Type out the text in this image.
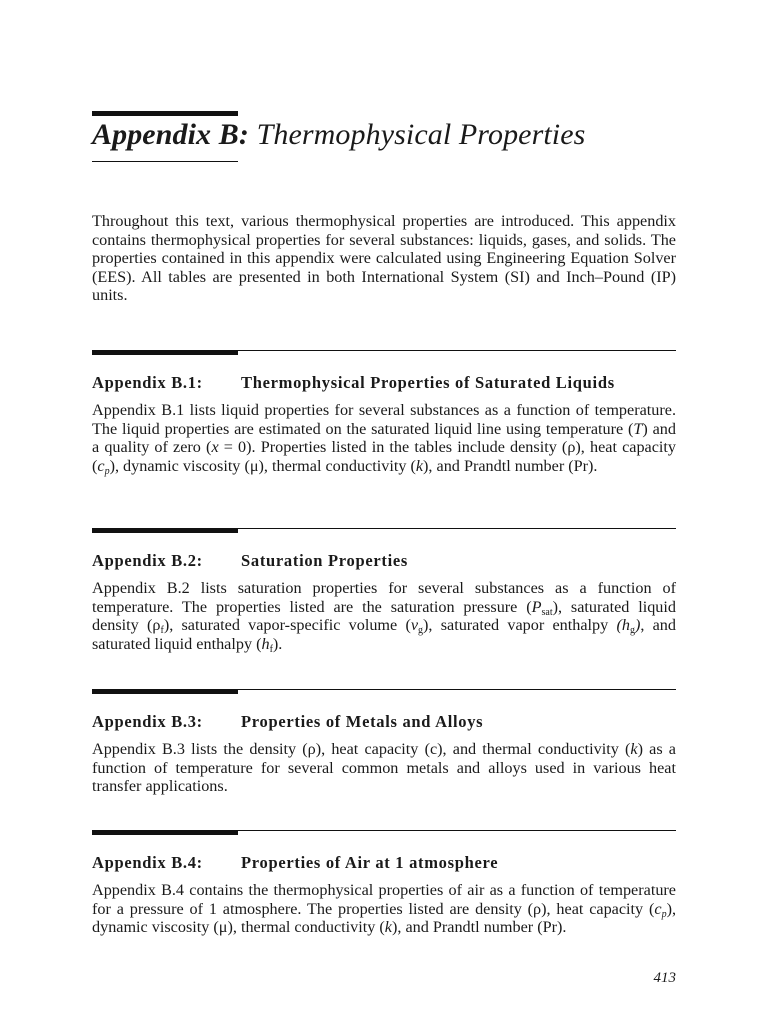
Appendix B: Thermophysical Properties

Throughout this text, various thermophysical properties are introduced. This appendix contains thermophysical properties for several substances: liquids, gases, and solids. The properties contained in this appendix were calculated using Engineering Equation Solver (EES). All tables are presented in both International System (SI) and Inch–Pound (IP) units.

Appendix B.1: Thermophysical Properties of Saturated Liquids

Appendix B.1 lists liquid properties for several substances as a function of temperature. The liquid properties are estimated on the saturated liquid line using temperature (T) and a quality of zero (x = 0). Properties listed in the tables include density (ρ), heat capacity $(c_p)$, dynamic viscosity (μ), thermal conductivity (k), and Prandtl number (Pr).

Appendix B.2: Saturation Properties

Appendix B.2 lists saturation properties for several substances as a function of temperature. The properties listed are the saturation pressure $(P_{sat})$, saturated liquid density $(\rho_f)$, saturated vapor-specific volume $(v_g)$, saturated vapor enthalpy $(h_g)$, and saturated liquid enthalpy $(h_f)$.

Appendix B.3: Properties of Metals and Alloys

Appendix B.3 lists the density (ρ), heat capacity (c), and thermal conductivity (k) as a function of temperature for several common metals and alloys used in various heat transfer applications.

Appendix B.4: Properties of Air at 1 atmosphere

Appendix B.4 contains the thermophysical properties of air as a function of temperature for a pressure of 1 atmosphere. The properties listed are density (ρ), heat capacity $(c_p)$, dynamic viscosity (μ), thermal conductivity (k), and Prandtl number (Pr).

413
